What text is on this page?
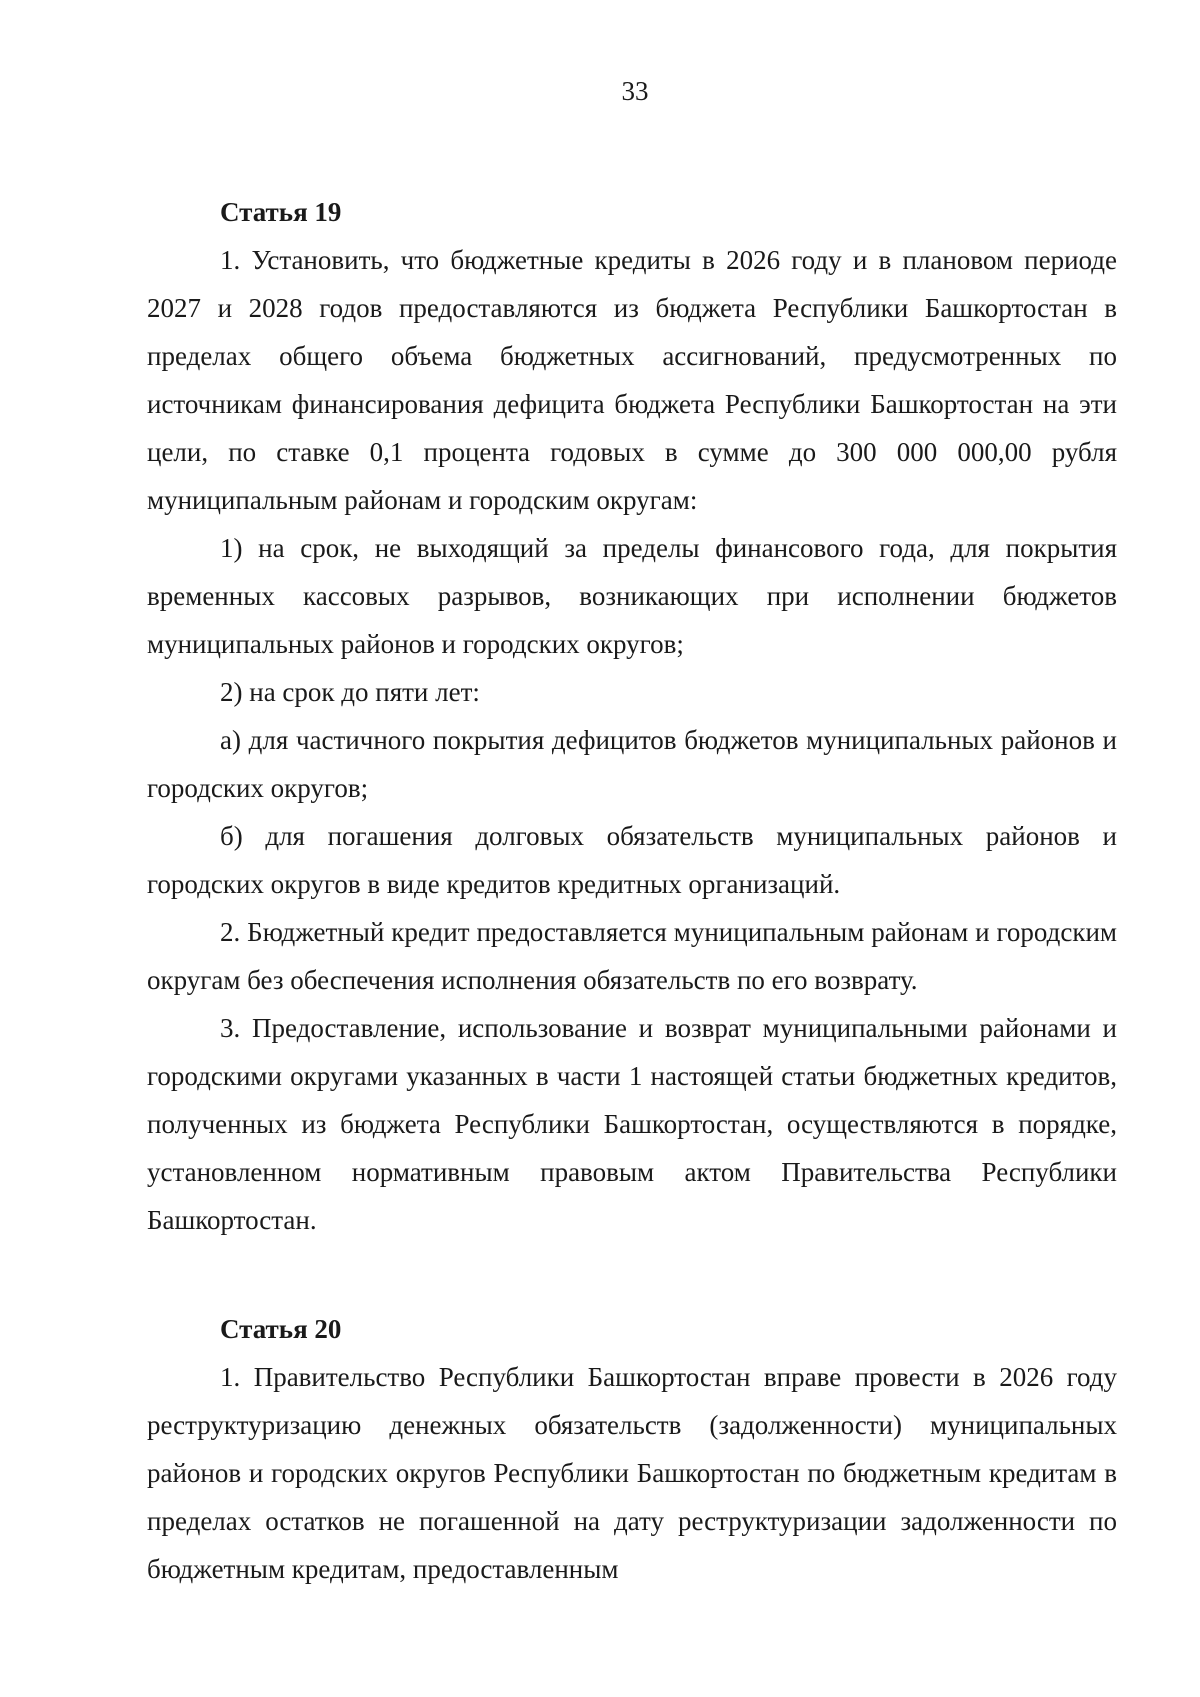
33

Статья 19

1. Установить, что бюджетные кредиты в 2026 году и в плановом периоде 2027 и 2028 годов предоставляются из бюджета Республики Башкортостан в пределах общего объема бюджетных ассигнований, предусмотренных по источникам финансирования дефицита бюджета Республики Башкортостан на эти цели, по ставке 0,1 процента годовых в сумме до 300 000 000,00 рубля муниципальным районам и городским округам:

1) на срок, не выходящий за пределы финансового года, для покрытия временных кассовых разрывов, возникающих при исполнении бюджетов муниципальных районов и городских округов;

2) на срок до пяти лет:

а) для частичного покрытия дефицитов бюджетов муниципальных районов и городских округов;

б) для погашения долговых обязательств муниципальных районов и городских округов в виде кредитов кредитных организаций.

2. Бюджетный кредит предоставляется муниципальным районам и городским округам без обеспечения исполнения обязательств по его возврату.

3. Предоставление, использование и возврат муниципальными районами и городскими округами указанных в части 1 настоящей статьи бюджетных кредитов, полученных из бюджета Республики Башкортостан, осуществляются в порядке, установленном нормативным правовым актом Правительства Республики Башкортостан.

Статья 20

1. Правительство Республики Башкортостан вправе провести в 2026 году реструктуризацию денежных обязательств (задолженности) муниципальных районов и городских округов Республики Башкортостан по бюджетным кредитам в пределах остатков не погашенной на дату реструктуризации задолженности по бюджетным кредитам, предоставленным
